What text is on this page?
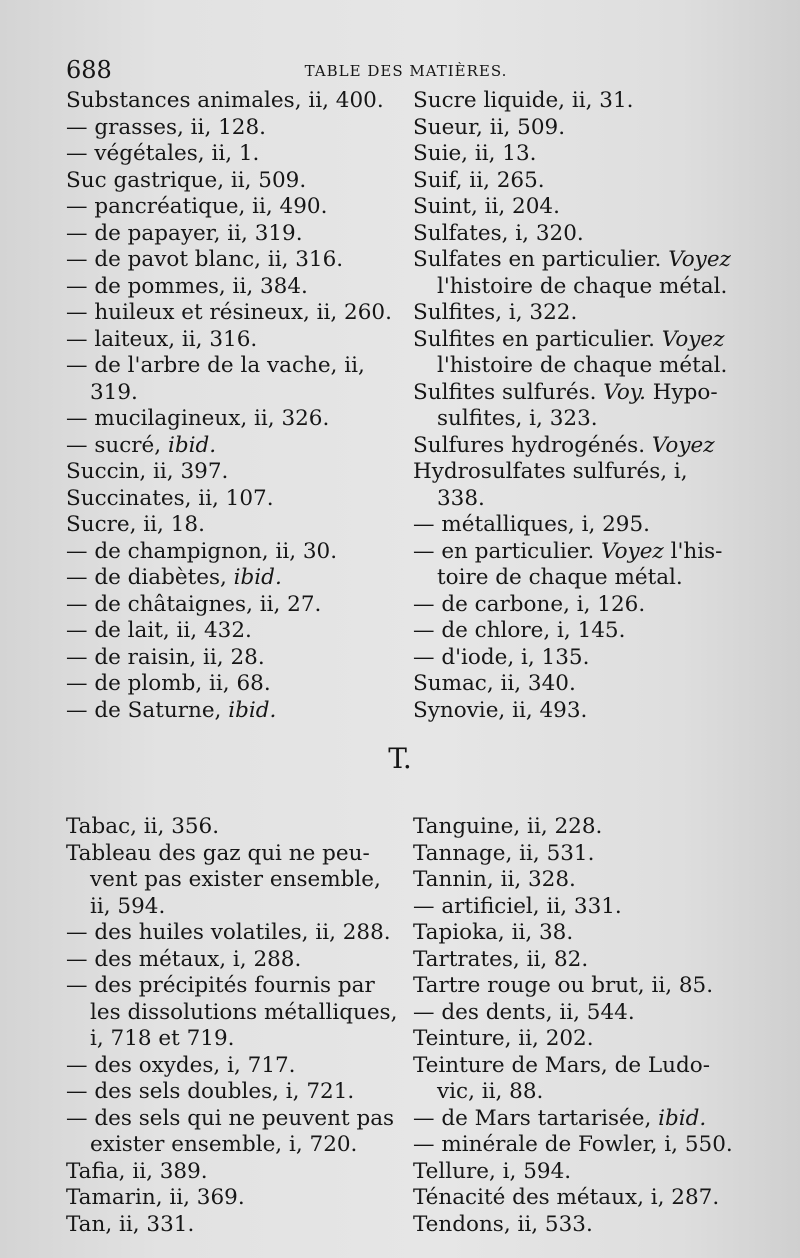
688	TABLE DES MATIÈRES.
Substances animales, ii, 400.
— grasses, ii, 128.
— végétales, ii, 1.
Suc gastrique, ii, 509.
— pancréatique, ii, 490.
— de papayer, ii, 319.
— de pavot blanc, ii, 316.
— de pommes, ii, 384.
— huileux et résineux, ii, 260.
— laiteux, ii, 316.
— de l'arbre de la vache, ii,
319.
— mucilagineux, ii, 326.
— sucré, ibid.
Succin, ii, 397.
Succinates, ii, 107.
Sucre, ii, 18.
— de champignon, ii, 30.
— de diabètes, ibid.
— de châtaignes, ii, 27.
— de lait, ii, 432.
— de raisin, ii, 28.
— de plomb, ii, 68.
— de Saturne, ibid.
Sucre liquide, ii, 31.
Sueur, ii, 509.
Suie, ii, 13.
Suif, ii, 265.
Suint, ii, 204.
Sulfates, i, 320.
Sulfates en particulier. Voyez
l'histoire de chaque métal.
Sulfites, i, 322.
Sulfites en particulier. Voyez
l'histoire de chaque métal.
Sulfites sulfurés. Voy. Hypo-
sulfites, i, 323.
Sulfures hydrogénés. Voyez
Hydrosulfates sulfurés, i,
338.
— métalliques, i, 295.
— en particulier. Voyez l'his-
toire de chaque métal.
— de carbone, i, 126.
— de chlore, i, 145.
— d'iode, i, 135.
Sumac, ii, 340.
Synovie, ii, 493.
T.
Tabac, ii, 356.
Tableau des gaz qui ne peu-
vent pas exister ensemble,
ii, 594.
— des huiles volatiles, ii, 288.
— des métaux, i, 288.
— des précipités fournis par
les dissolutions métalliques,
i, 718 et 719.
— des oxydes, i, 717.
— des sels doubles, i, 721.
— des sels qui ne peuvent pas
exister ensemble, i, 720.
Tafia, ii, 389.
Tamarin, ii, 369.
Tan, ii, 331.
Tanguine, ii, 228.
Tannage, ii, 531.
Tannin, ii, 328.
— artificiel, ii, 331.
Tapioka, ii, 38.
Tartrates, ii, 82.
Tartre rouge ou brut, ii, 85.
— des dents, ii, 544.
Teinture, ii, 202.
Teinture de Mars, de Ludo-
vic, ii, 88.
— de Mars tartarisée, ibid.
— minérale de Fowler, i, 550.
Tellure, i, 594.
Ténacité des métaux, i, 287.
Tendons, ii, 533.
